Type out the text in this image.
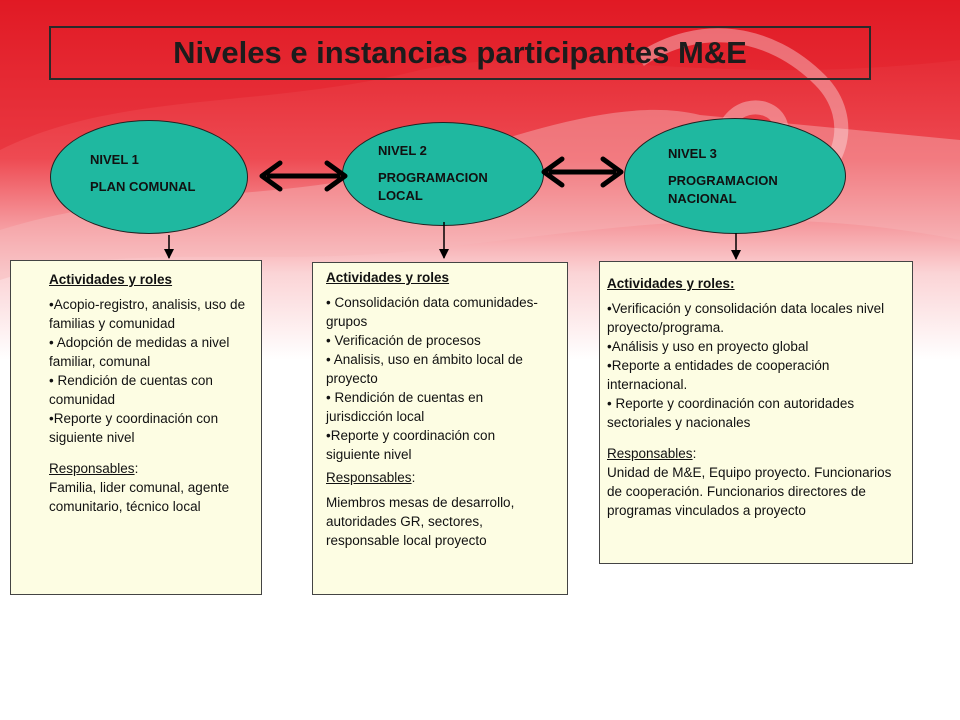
Niveles e instancias participantes M&E
NIVEL 1
PLAN COMUNAL
NIVEL 2
PROGRAMACION
LOCAL
NIVEL 3
PROGRAMACION
NACIONAL

Actividades y roles

•Acopio-registro, analisis, uso de familias y comunidad

• Adopción de medidas a nivel familiar, comunal

• Rendición de cuentas con comunidad

•Reporte y coordinación con siguiente nivel

Responsables:

Familia, lider comunal, agente comunitario, técnico local

Actividades y roles

• Consolidación data comunidades-grupos

• Verificación de procesos

• Analisis, uso en ámbito local de proyecto

• Rendición de cuentas en jurisdicción local

•Reporte y coordinación con siguiente nivel

Responsables:

Miembros mesas de desarrollo, autoridades GR, sectores, responsable local proyecto

Actividades y roles:

•Verificación y consolidación data locales nivel proyecto/programa.

•Análisis y uso en proyecto global

•Reporte a entidades de cooperación internacional.

• Reporte y coordinación con autoridades sectoriales y nacionales

Responsables:

Unidad de M&E, Equipo proyecto. Funcionarios de cooperación. Funcionarios directores de programas vinculados a proyecto
